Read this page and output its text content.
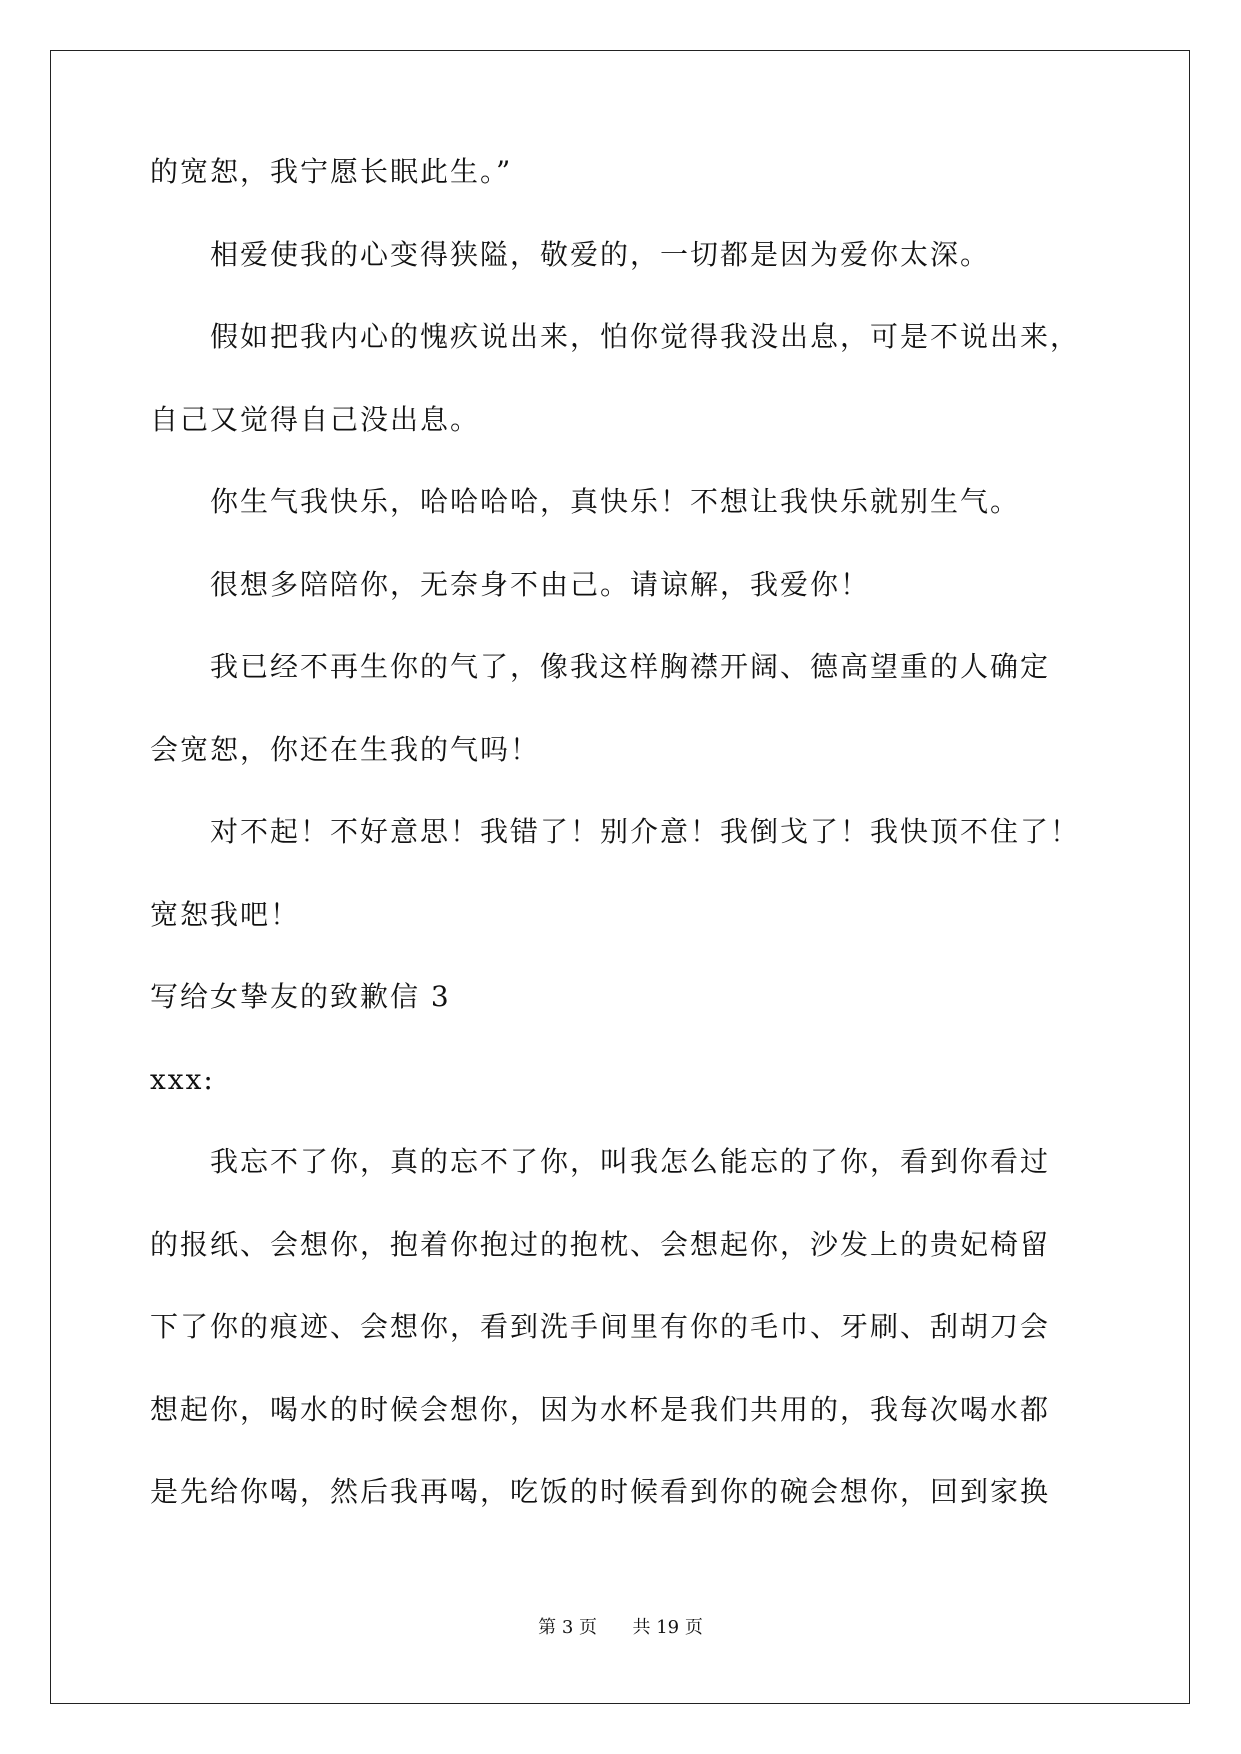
的宽恕，我宁愿长眠此生。”
相爱使我的心变得狭隘，敬爱的，一切都是因为爱你太深。
假如把我内心的愧疚说出来，怕你觉得我没出息，可是不说出来，
自己又觉得自己没出息。
你生气我快乐，哈哈哈哈，真快乐！不想让我快乐就别生气。
很想多陪陪你，无奈身不由己。请谅解，我爱你！
我已经不再生你的气了，像我这样胸襟开阔、德高望重的人确定
会宽恕，你还在生我的气吗！
对不起！不好意思！我错了！别介意！我倒戈了！我快顶不住了！
宽恕我吧！
写给女挚友的致歉信 3
xxx:
我忘不了你，真的忘不了你，叫我怎么能忘的了你，看到你看过
的报纸、会想你，抱着你抱过的抱枕、会想起你，沙发上的贵妃椅留
下了你的痕迹、会想你，看到洗手间里有你的毛巾、牙刷、刮胡刀会
想起你，喝水的时候会想你，因为水杯是我们共用的，我每次喝水都
是先给你喝，然后我再喝，吃饭的时候看到你的碗会想你，回到家换
第 3 页 共 19 页
